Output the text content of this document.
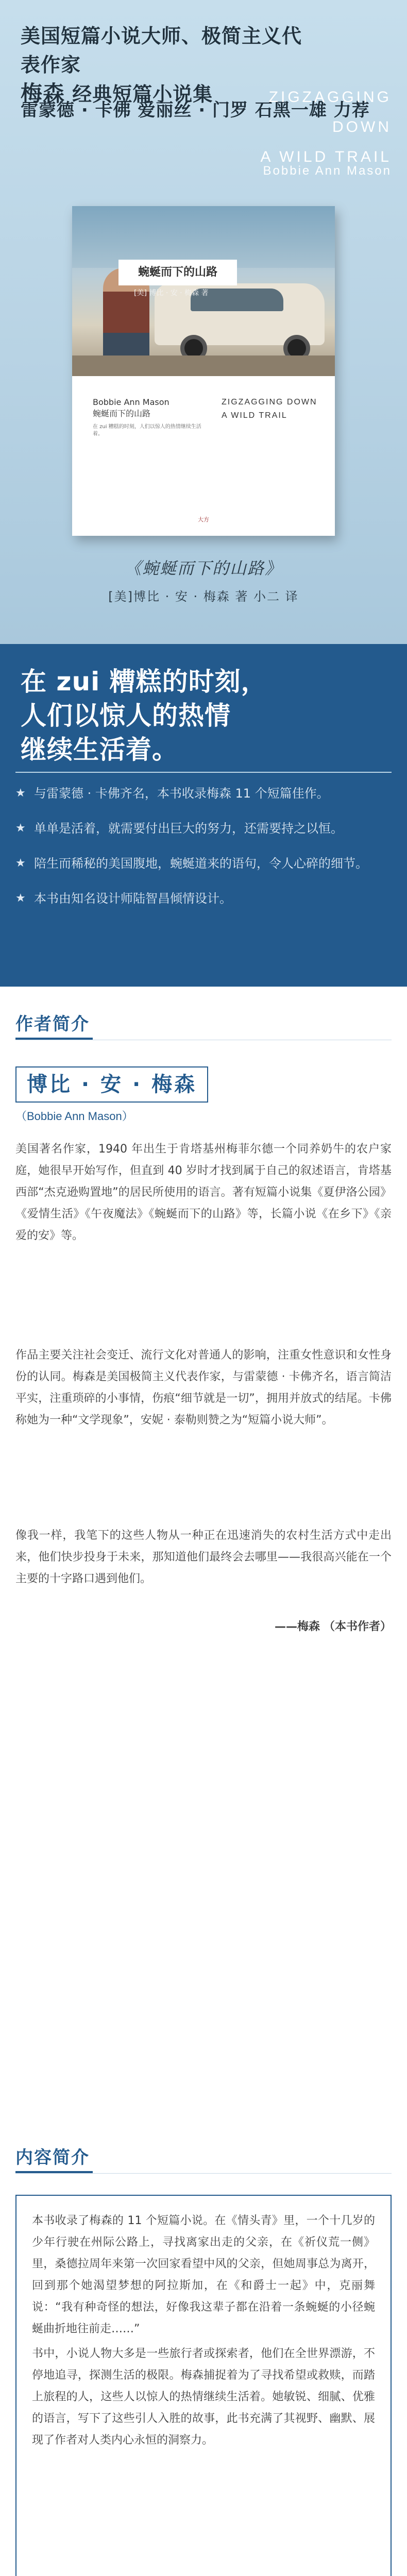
美国短篇小说大师、极简主义代表作家
梅森 经典短篇小说集
雷蒙德 · 卡佛 爱丽丝 · 门罗 石黑一雄 力荐
ZIGZAGGING DOWN
A WILD TRAIL
Bobbie Ann Mason
蜿蜒而下的山路
[美] 博比 · 安 · 梅森 著
Bobbie Ann Mason
蜿蜒而下的山路
在 zui 糟糕的时刻，人们以惊人的热情继续生活着。
ZIGZAGGING DOWN
A WILD TRAIL
大方
《蜿蜒而下的山路》
[美]博比 · 安 · 梅森 著 小二 译
在 zui 糟糕的时刻，
人们以惊人的热情
继续生活着。
★ 与雷蒙德 · 卡佛齐名，本书收录梅森 11 个短篇佳作。
★ 单单是活着，就需要付出巨大的努力，还需要持之以恒。
★ 陪生而稀秘的美国腹地，蜿蜒道来的语句，令人心碎的细节。
★ 本书由知名设计师陆智昌倾情设计。
作者简介
博比 · 安 · 梅森
（Bobbie Ann Mason）
美国著名作家，1940 年出生于肯塔基州梅菲尔德一个同养奶牛的农户家庭，她很早开始写作，但直到 40 岁时才找到属于自己的叙述语言，肯塔基西部“杰克逊购置地”的居民所使用的语言。著有短篇小说集《夏伊洛公园》《爱情生活》《午夜魔法》《蜿蜒而下的山路》等，长篇小说《在乡下》《亲爱的安》等。
作品主要关注社会变迁、流行文化对普通人的影响，注重女性意识和女性身份的认同。梅森是美国极简主义代表作家，与雷蒙德 · 卡佛齐名，语言简洁平实，注重琐碎的小事情，伤痕“细节就是一切”，拥用并放式的结尾。卡佛称她为一种“文学现象”，安妮 · 泰勒则赞之为“短篇小说大师”。
像我一样，我笔下的这些人物从一种正在迅速消失的农村生活方式中走出来，他们快步投身于未来，那知道他们最终会去哪里——我很高兴能在一个主要的十字路口遇到他们。
——梅森 （本书作者）
内容简介
本书收录了梅森的 11 个短篇小说。在《情头青》里，一个十几岁的少年行驶在州际公路上，寻找离家出走的父亲，在《祈仪荒一侧》里，桑德拉周年来第一次回家看望中风的父亲，但她周事总为离开，回到那个她渴望梦想的阿拉斯加，在《和爵士一起》中，克丽舞说：“我有种奇怪的想法，好像我这辈子都在沿着一条蜿蜒的小径蜿蜒曲折地往前走……”
书中，小说人物大多是一些旅行者或探索者，他们在全世界漂游，不停地追寻，探测生活的极限。梅森捕捉着为了寻找希望或救赎，而踏上旅程的人，这些人以惊人的热情继续生活着。她敏锐、细腻、优雅的语言，写下了这些引人入胜的故事，此书充满了其视野、幽默、展现了作者对人类内心永恒的洞察力。
